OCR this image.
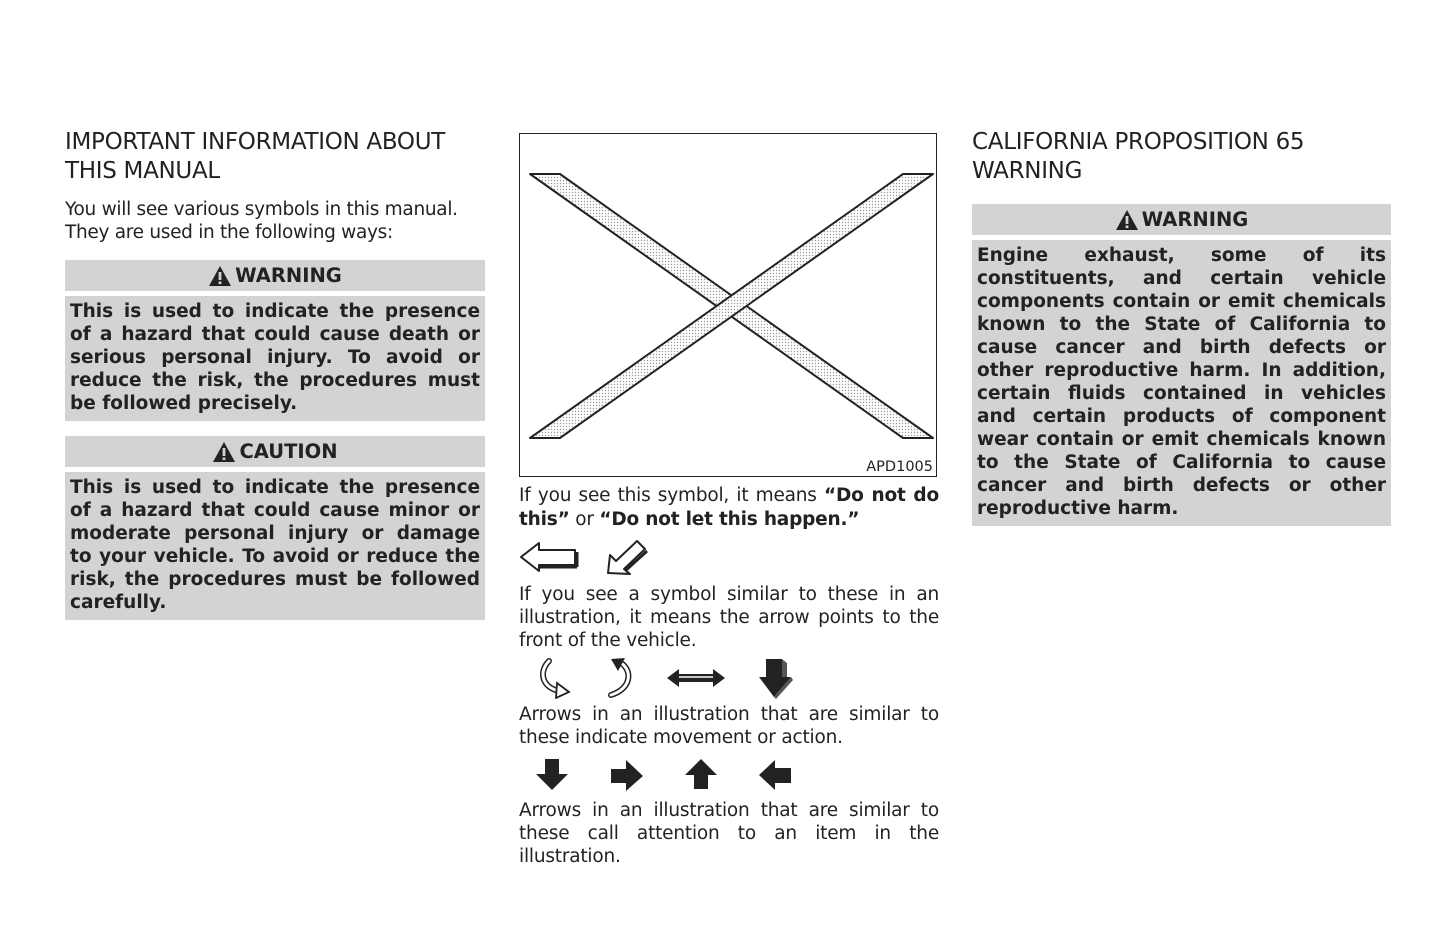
IMPORTANT INFORMATION ABOUT THIS MANUAL

You will see various symbols in this manual. They are used in the following ways:

WARNING
This is used to indicate the presence of a hazard that could cause death or serious personal injury. To avoid or reduce the risk, the procedures must be followed precisely.
CAUTION
This is used to indicate the presence of a hazard that could cause minor or moderate personal injury or damage to your vehicle. To avoid or reduce the risk, the procedures must be followed carefully.
APD1005

If you see this symbol, it means “Do not do this” or “Do not let this happen.”

If you see a symbol similar to these in an illustration, it means the arrow points to the front of the vehicle.

Arrows in an illustration that are similar to these indicate movement or action.

Arrows in an illustration that are similar to these call attention to an item in the illustration.

CALIFORNIA PROPOSITION 65 WARNING
WARNING
Engine exhaust, some of its constituents, and certain vehicle components contain or emit chemicals known to the State of California to cause cancer and birth defects or other reproductive harm. In addition, certain fluids contained in vehicles and certain products of component wear contain or emit chemicals known to the State of California to cause cancer and birth defects or other reproductive harm.
